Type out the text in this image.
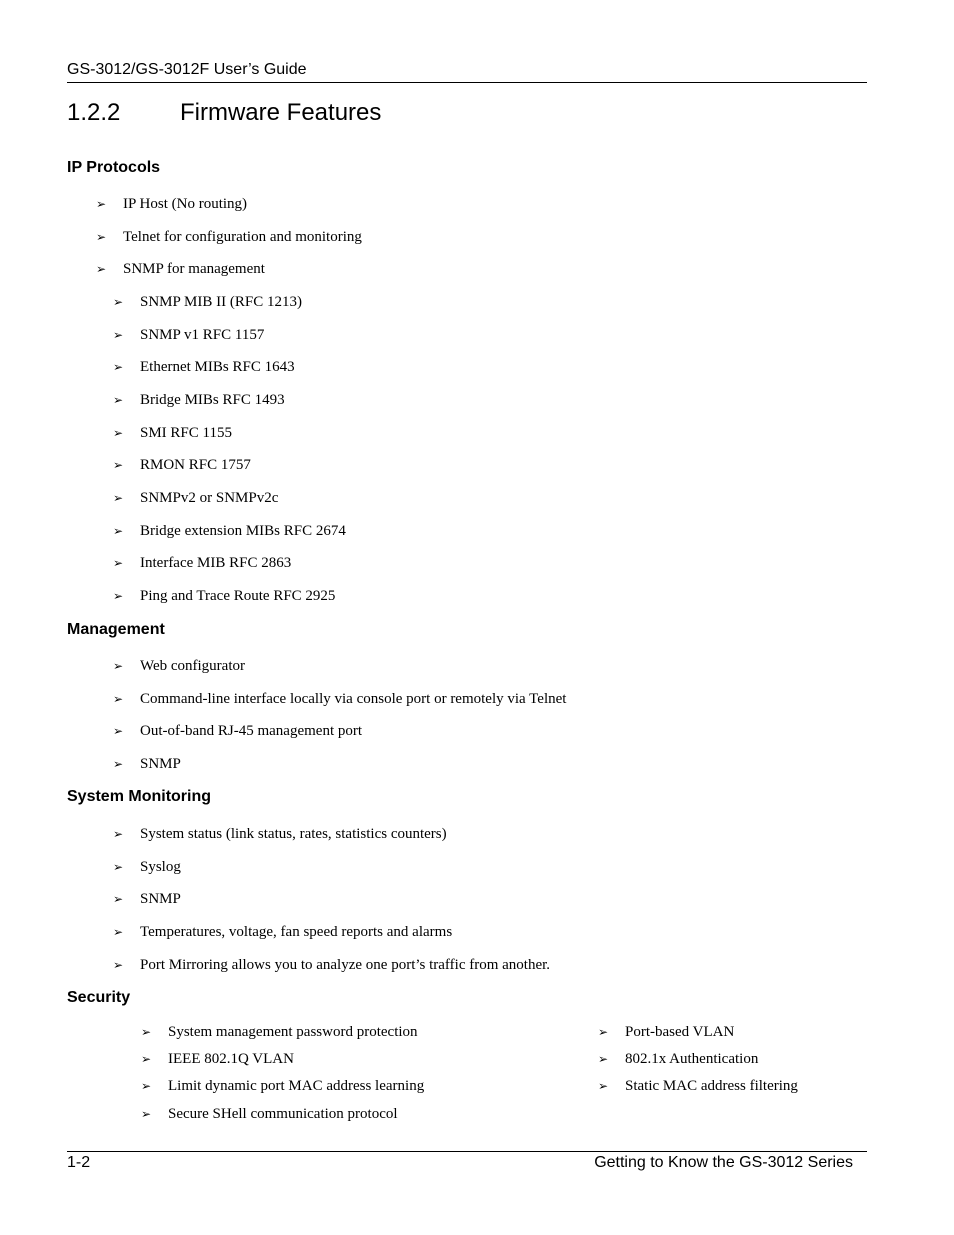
GS-3012/GS-3012F User’s Guide
1.2.2 Firmware Features
IP Protocols
➢ IP Host (No routing)
➢ Telnet for configuration and monitoring
➢ SNMP for management
➢ SNMP MIB II (RFC 1213)
➢ SNMP v1 RFC 1157
➢ Ethernet MIBs RFC 1643
➢ Bridge MIBs RFC 1493
➢ SMI RFC 1155
➢ RMON RFC 1757
➢ SNMPv2 or SNMPv2c
➢ Bridge extension MIBs RFC 2674
➢ Interface MIB RFC 2863
➢ Ping and Trace Route RFC 2925
Management
➢ Web configurator
➢ Command-line interface locally via console port or remotely via Telnet
➢ Out-of-band RJ-45 management port
➢ SNMP
System Monitoring
➢ System status (link status, rates, statistics counters)
➢ Syslog
➢ SNMP
➢ Temperatures, voltage, fan speed reports and alarms
➢ Port Mirroring allows you to analyze one port’s traffic from another.
Security
➢ System management password protection
➢ IEEE 802.1Q VLAN
➢ Limit dynamic port MAC address learning
➢ Secure SHell communication protocol
➢ Port-based VLAN
➢ 802.1x Authentication
➢ Static MAC address filtering
1-2	Getting to Know the GS-3012 Series
